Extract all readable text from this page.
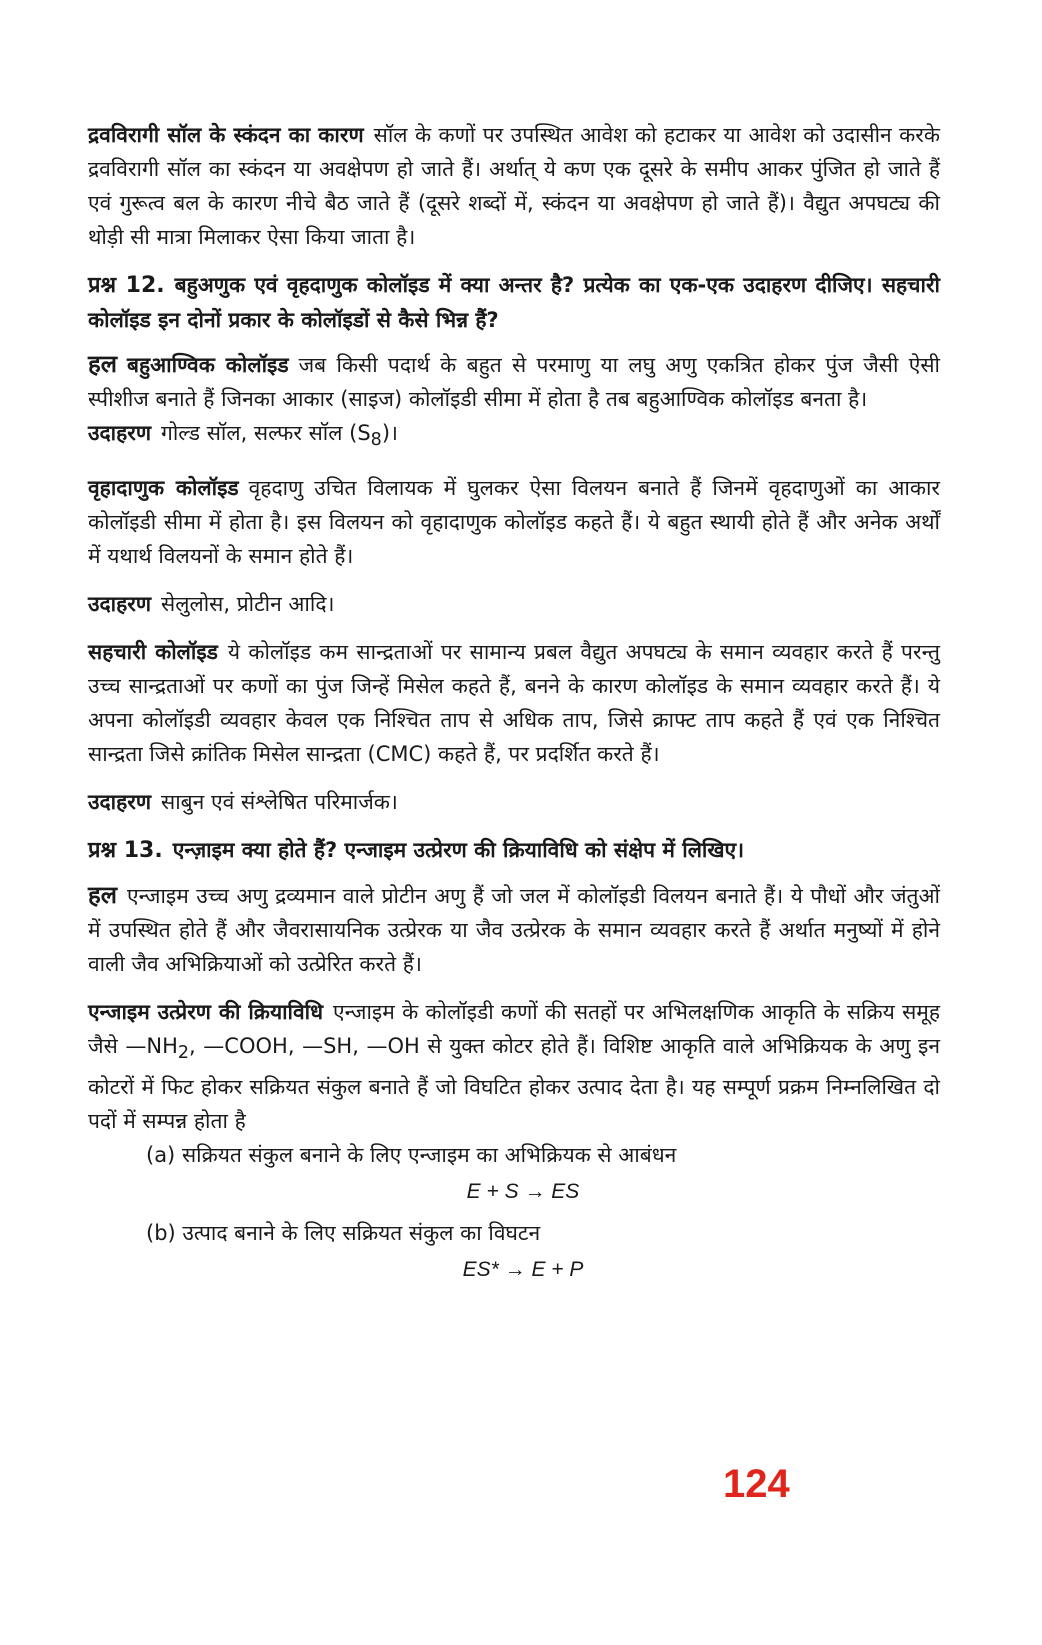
द्रवविरागी सॉल के स्कंदन का कारण सॉल के कणों पर उपस्थित आवेश को हटाकर या आवेश को उदासीन करके द्रवविरागी सॉल का स्कंदन या अवक्षेपण हो जाते हैं। अर्थात् ये कण एक दूसरे के समीप आकर पुंजित हो जाते हैं एवं गुरूत्व बल के कारण नीचे बैठ जाते हैं (दूसरे शब्दों में, स्कंदन या अवक्षेपण हो जाते हैं)। वैद्युत अपघट्य की थोड़ी सी मात्रा मिलाकर ऐसा किया जाता है।

प्रश्न 12. बहुअणुक एवं वृहदाणुक कोलॉइड में क्या अन्तर है? प्रत्येक का एक-एक उदाहरण दीजिए। सहचारी कोलॉइड इन दोनों प्रकार के कोलॉइडों से कैसे भिन्न हैं?

हल बहुआण्विक कोलॉइड जब किसी पदार्थ के बहुत से परमाणु या लघु अणु एकत्रित होकर पुंज जैसी ऐसी स्पीशीज बनाते हैं जिनका आकार (साइज) कोलॉइडी सीमा में होता है तब बहुआण्विक कोलॉइड बनता है।

उदाहरण गोल्ड सॉल, सल्फर सॉल $(S_8)।$

वृहादाणुक कोलॉइड वृहदाणु उचित विलायक में घुलकर ऐसा विलयन बनाते हैं जिनमें वृहदाणुओं का आकार कोलॉइडी सीमा में होता है। इस विलयन को वृहादाणुक कोलॉइड कहते हैं। ये बहुत स्थायी होते हैं और अनेक अर्थों में यथार्थ विलयनों के समान होते हैं।

उदाहरण सेलुलोस, प्रोटीन आदि।

सहचारी कोलॉइड ये कोलॉइड कम सान्द्रताओं पर सामान्य प्रबल वैद्युत अपघट्य के समान व्यवहार करते हैं परन्तु उच्च सान्द्रताओं पर कणों का पुंज जिन्हें मिसेल कहते हैं, बनने के कारण कोलॉइड के समान व्यवहार करते हैं। ये अपना कोलॉइडी व्यवहार केवल एक निश्चित ताप से अधिक ताप, जिसे क्राफ्ट ताप कहते हैं एवं एक निश्चित सान्द्रता जिसे क्रांतिक मिसेल सान्द्रता (CMC) कहते हैं, पर प्रदर्शित करते हैं।

उदाहरण साबुन एवं संश्लेषित परिमार्जक।

प्रश्न 13. एन्ज़ाइम क्या होते हैं? एन्जाइम उत्प्रेरण की क्रियाविधि को संक्षेप में लिखिए।

हल एन्जाइम उच्च अणु द्रव्यमान वाले प्रोटीन अणु हैं जो जल में कोलॉइडी विलयन बनाते हैं। ये पौधों और जंतुओं में उपस्थित होते हैं और जैवरासायनिक उत्प्रेरक या जैव उत्प्रेरक के समान व्यवहार करते हैं अर्थात मनुष्यों में होने वाली जैव अभिक्रियाओं को उत्प्रेरित करते हैं।

एन्जाइम उत्प्रेरण की क्रियाविधि एन्जाइम के कोलॉइडी कणों की सतहों पर अभिलक्षणिक आकृति के सक्रिय समूह जैसे $—NH_2$, —COOH, —SH, —OH से युक्त कोटर होते हैं। विशिष्ट आकृति वाले अभिक्रियक के अणु इन कोटरों में फिट होकर सक्रियत संकुल बनाते हैं जो विघटित होकर उत्पाद देता है। यह सम्पूर्ण प्रक्रम निम्नलिखित दो पदों में सम्पन्न होता है

(a) सक्रियत संकुल बनाने के लिए एन्जाइम का अभिक्रियक से आबंधन

E + S → ES

(b) उत्पाद बनाने के लिए सक्रियत संकुल का विघटन

ES* → E + P
124
